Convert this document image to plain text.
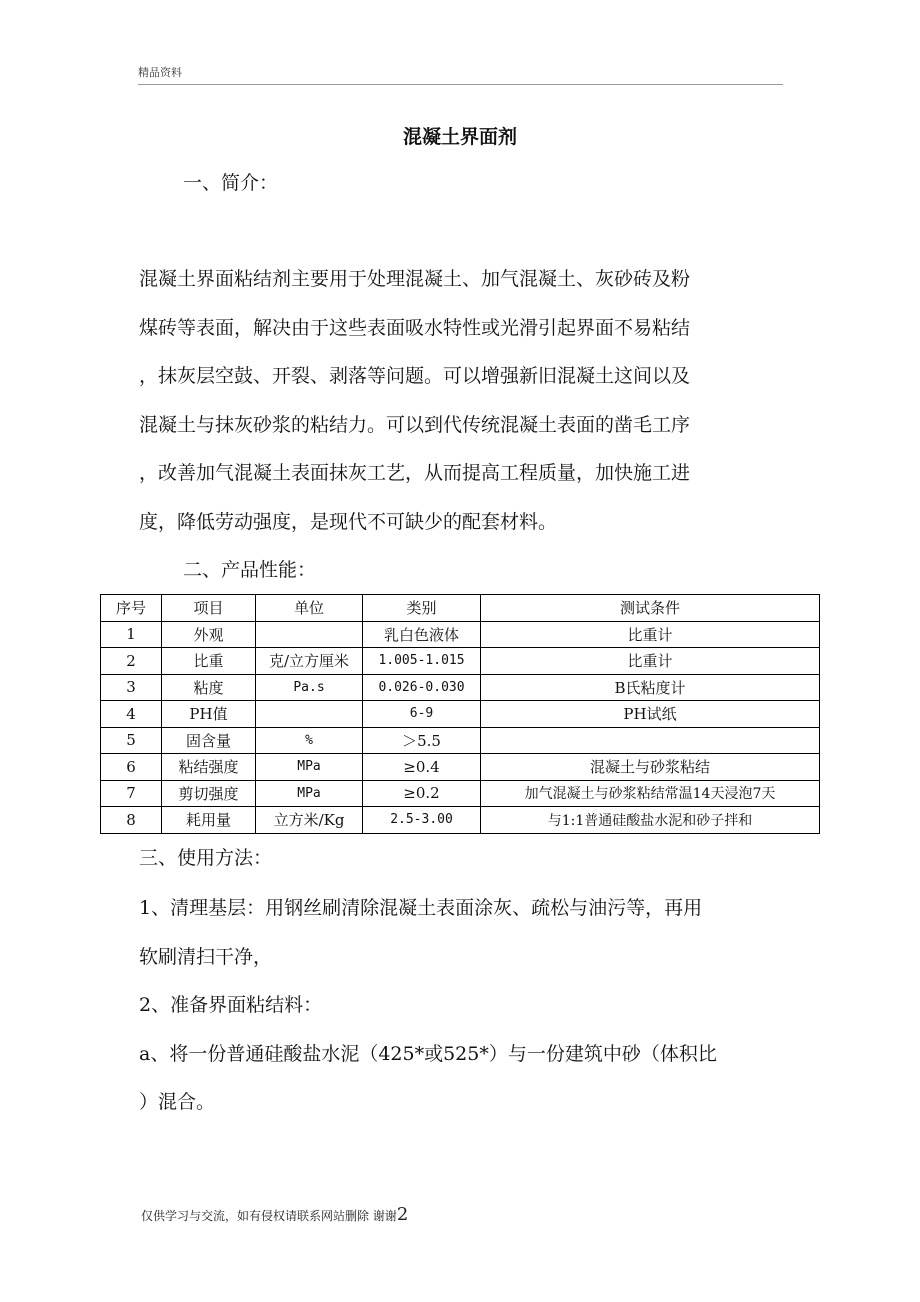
精品资料
混凝土界面剂
一、简介：
混凝土界面粘结剂主要用于处理混凝土、加气混凝土、灰砂砖及粉
煤砖等表面，解决由于这些表面吸水特性或光滑引起界面不易粘结
，抹灰层空鼓、开裂、剥落等问题。可以增强新旧混凝土这间以及
混凝土与抹灰砂浆的粘结力。可以到代传统混凝土表面的凿毛工序
，改善加气混凝土表面抹灰工艺，从而提高工程质量，加快施工进
度，降低劳动强度，是现代不可缺少的配套材料。
二、产品性能：
序号	项目	单位	类别	测试条件
1	外观		乳白色液体	比重计
2	比重	克/立方厘米	1.005-1.015	比重计
3	粘度	Pa.s	0.026-0.030	B氏粘度计
4	PH值		6-9	PH试纸
5	固含量	%	＞5.5	
6	粘结强度	MPa	≥0.4	混凝土与砂浆粘结
7	剪切强度	MPa	≥0.2	加气混凝土与砂浆粘结常温14天浸泡7天
8	耗用量	立方米/Kg	2.5-3.00	与1:1普通硅酸盐水泥和砂子拌和
三、使用方法：
1、清理基层：用钢丝刷清除混凝土表面涂灰、疏松与油污等，再用
软刷清扫干净，
2、准备界面粘结料：
a、将一份普通硅酸盐水泥（425*或525*）与一份建筑中砂（体积比
）混合。
仅供学习与交流，如有侵权请联系网站删除 谢谢2
